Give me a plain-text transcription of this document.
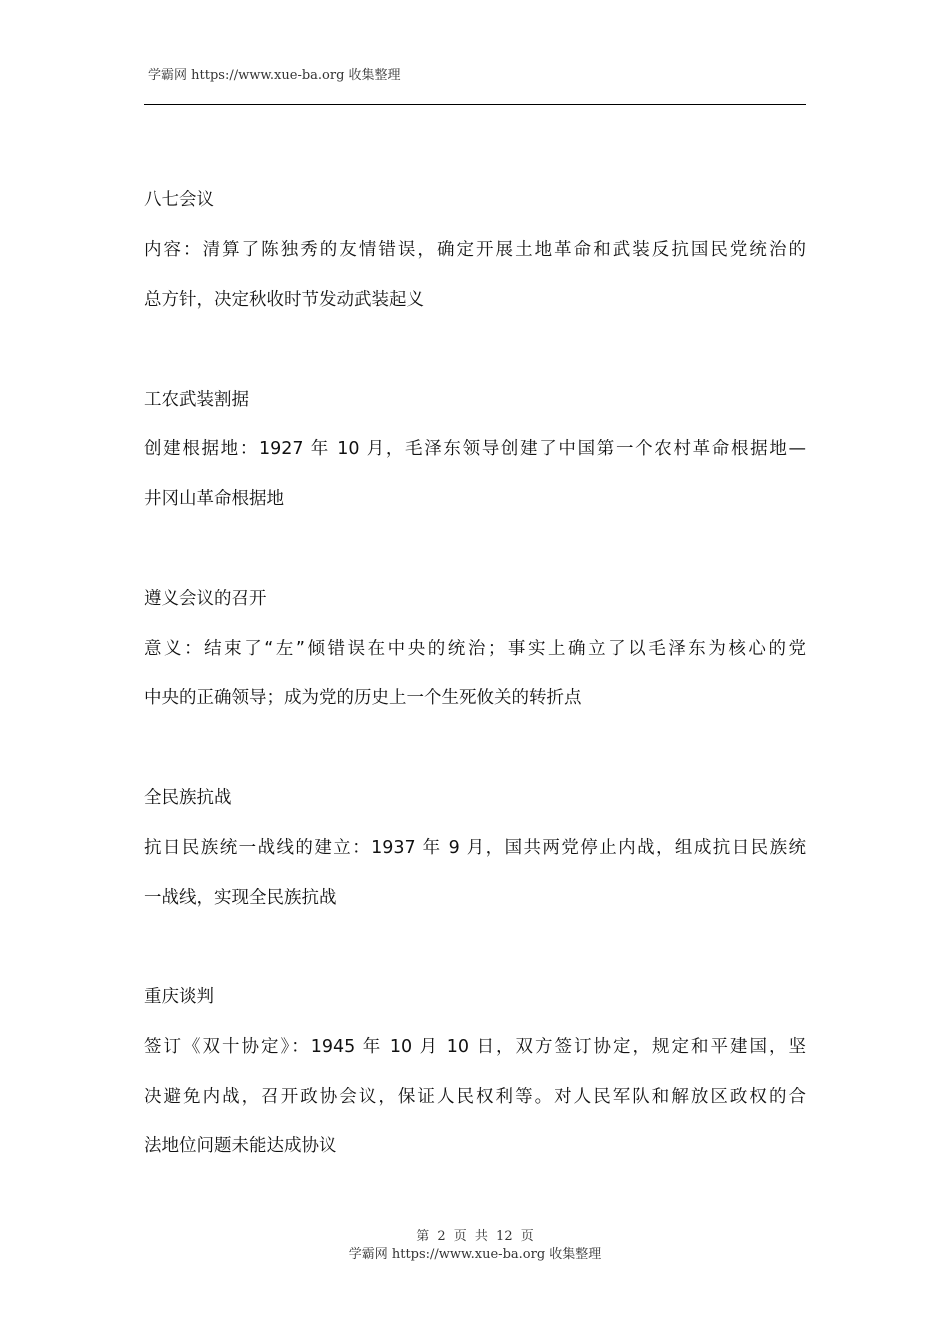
学霸网 https://www.xue-ba.org 收集整理
八七会议
内容：清算了陈独秀的友情错误，确定开展土地革命和武装反抗国民党统治的
总方针，决定秋收时节发动武装起义
工农武装割据
创建根据地：1927 年 10 月，毛泽东领导创建了中国第一个农村革命根据地—
井冈山革命根据地
遵义会议的召开
意义：结束了“左”倾错误在中央的统治；事实上确立了以毛泽东为核心的党
中央的正确领导；成为党的历史上一个生死攸关的转折点
全民族抗战
抗日民族统一战线的建立：1937 年 9 月，国共两党停止内战，组成抗日民族统
一战线，实现全民族抗战
重庆谈判
签订《双十协定》：1945 年 10 月 10 日，双方签订协定，规定和平建国，坚
决避免内战，召开政协会议，保证人民权利等。对人民军队和解放区政权的合
法地位问题未能达成协议
第 2 页 共 12 页
学霸网 https://www.xue-ba.org 收集整理
